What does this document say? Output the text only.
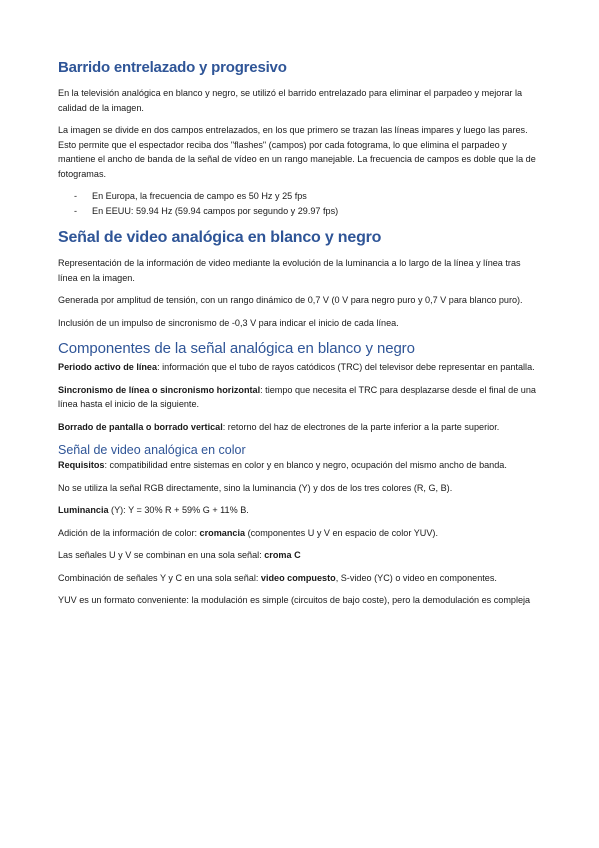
Barrido entrelazado y progresivo

En la televisión analógica en blanco y negro, se utilizó el barrido entrelazado para eliminar el parpadeo y mejorar la calidad de la imagen.

La imagen se divide en dos campos entrelazados, en los que primero se trazan las líneas impares y luego las pares. Esto permite que el espectador reciba dos "flashes" (campos) por cada fotograma, lo que elimina el parpadeo y mantiene el ancho de banda de la señal de vídeo en un rango manejable. La frecuencia de campos es doble que la de fotogramas.

- En Europa, la frecuencia de campo es 50 Hz y 25 fps
- En EEUU: 59.94 Hz (59.94 campos por segundo y 29.97 fps)
Señal de video analógica en blanco y negro

Representación de la información de video mediante la evolución de la luminancia a lo largo de la línea y línea tras línea en la imagen.

Generada por amplitud de tensión, con un rango dinámico de 0,7 V (0 V para negro puro y 0,7 V para blanco puro).

Inclusión de un impulso de sincronismo de -0,3 V para indicar el inicio de cada línea.

Componentes de la señal analógica en blanco y negro

Periodo activo de línea: información que el tubo de rayos catódicos (TRC) del televisor debe representar en pantalla.

Sincronismo de línea o sincronismo horizontal: tiempo que necesita el TRC para desplazarse desde el final de una línea hasta el inicio de la siguiente.

Borrado de pantalla o borrado vertical: retorno del haz de electrones de la parte inferior a la parte superior.

Señal de video analógica en color

Requisitos: compatibilidad entre sistemas en color y en blanco y negro, ocupación del mismo ancho de banda.

No se utiliza la señal RGB directamente, sino la luminancia (Y) y dos de los tres colores (R, G, B).

Luminancia (Y): Y = 30% R + 59% G + 11% B.

Adición de la información de color: cromancia (componentes U y V en espacio de color YUV).

Las señales U y V se combinan en una sola señal: croma C

Combinación de señales Y y C en una sola señal: video compuesto, S-video (YC) o video en componentes.

YUV es un formato conveniente: la modulación es simple (circuitos de bajo coste), pero la demodulación es compleja
